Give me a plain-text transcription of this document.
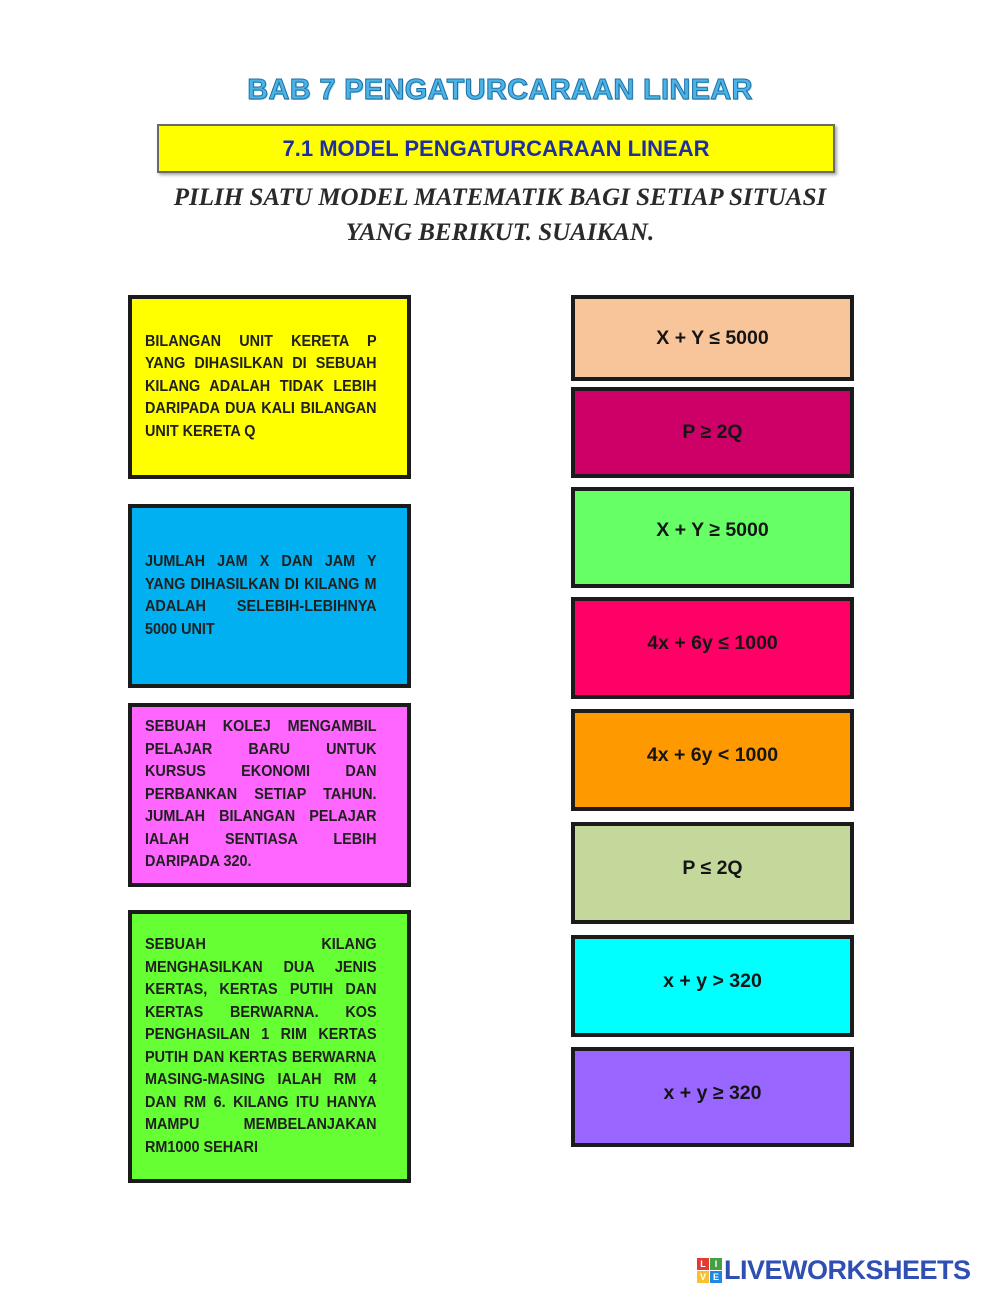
BAB 7 PENGATURCARAAN LINEAR
7.1 MODEL PENGATURCARAAN LINEAR
PILIH SATU MODEL MATEMATIK BAGI SETIAP SITUASI
YANG BERIKUT. SUAIKAN.

BILANGAN UNIT KERETA P YANG DIHASILKAN DI SEBUAH KILANG ADALAH TIDAK LEBIH DARIPADA DUA KALI BILANGAN UNIT KERETA Q

JUMLAH JAM X DAN JAM Y YANG DIHASILKAN DI KILANG M ADALAH SELEBIH-LEBIHNYA 5000 UNIT

SEBUAH KOLEJ MENGAMBIL PELAJAR BARU UNTUK KURSUS EKONOMI DAN PERBANKAN SETIAP TAHUN. JUMLAH BILANGAN PELAJAR IALAH SENTIASA LEBIH DARIPADA 320.

SEBUAH KILANG MENGHASILKAN DUA JENIS KERTAS, KERTAS PUTIH DAN KERTAS BERWARNA. KOS PENGHASILAN 1 RIM KERTAS PUTIH DAN KERTAS BERWARNA MASING-MASING IALAH RM 4 DAN RM 6. KILANG ITU HANYA MAMPU MEMBELANJAKAN RM1000 SEHARI

X + Y ≤ 5000
P ≥ 2Q
X + Y ≥ 5000
4x + 6y ≤ 1000
4x + 6y < 1000
P ≤ 2Q
x + y > 320
x + y ≥ 320
L I
V E LIVEWORKSHEETS
